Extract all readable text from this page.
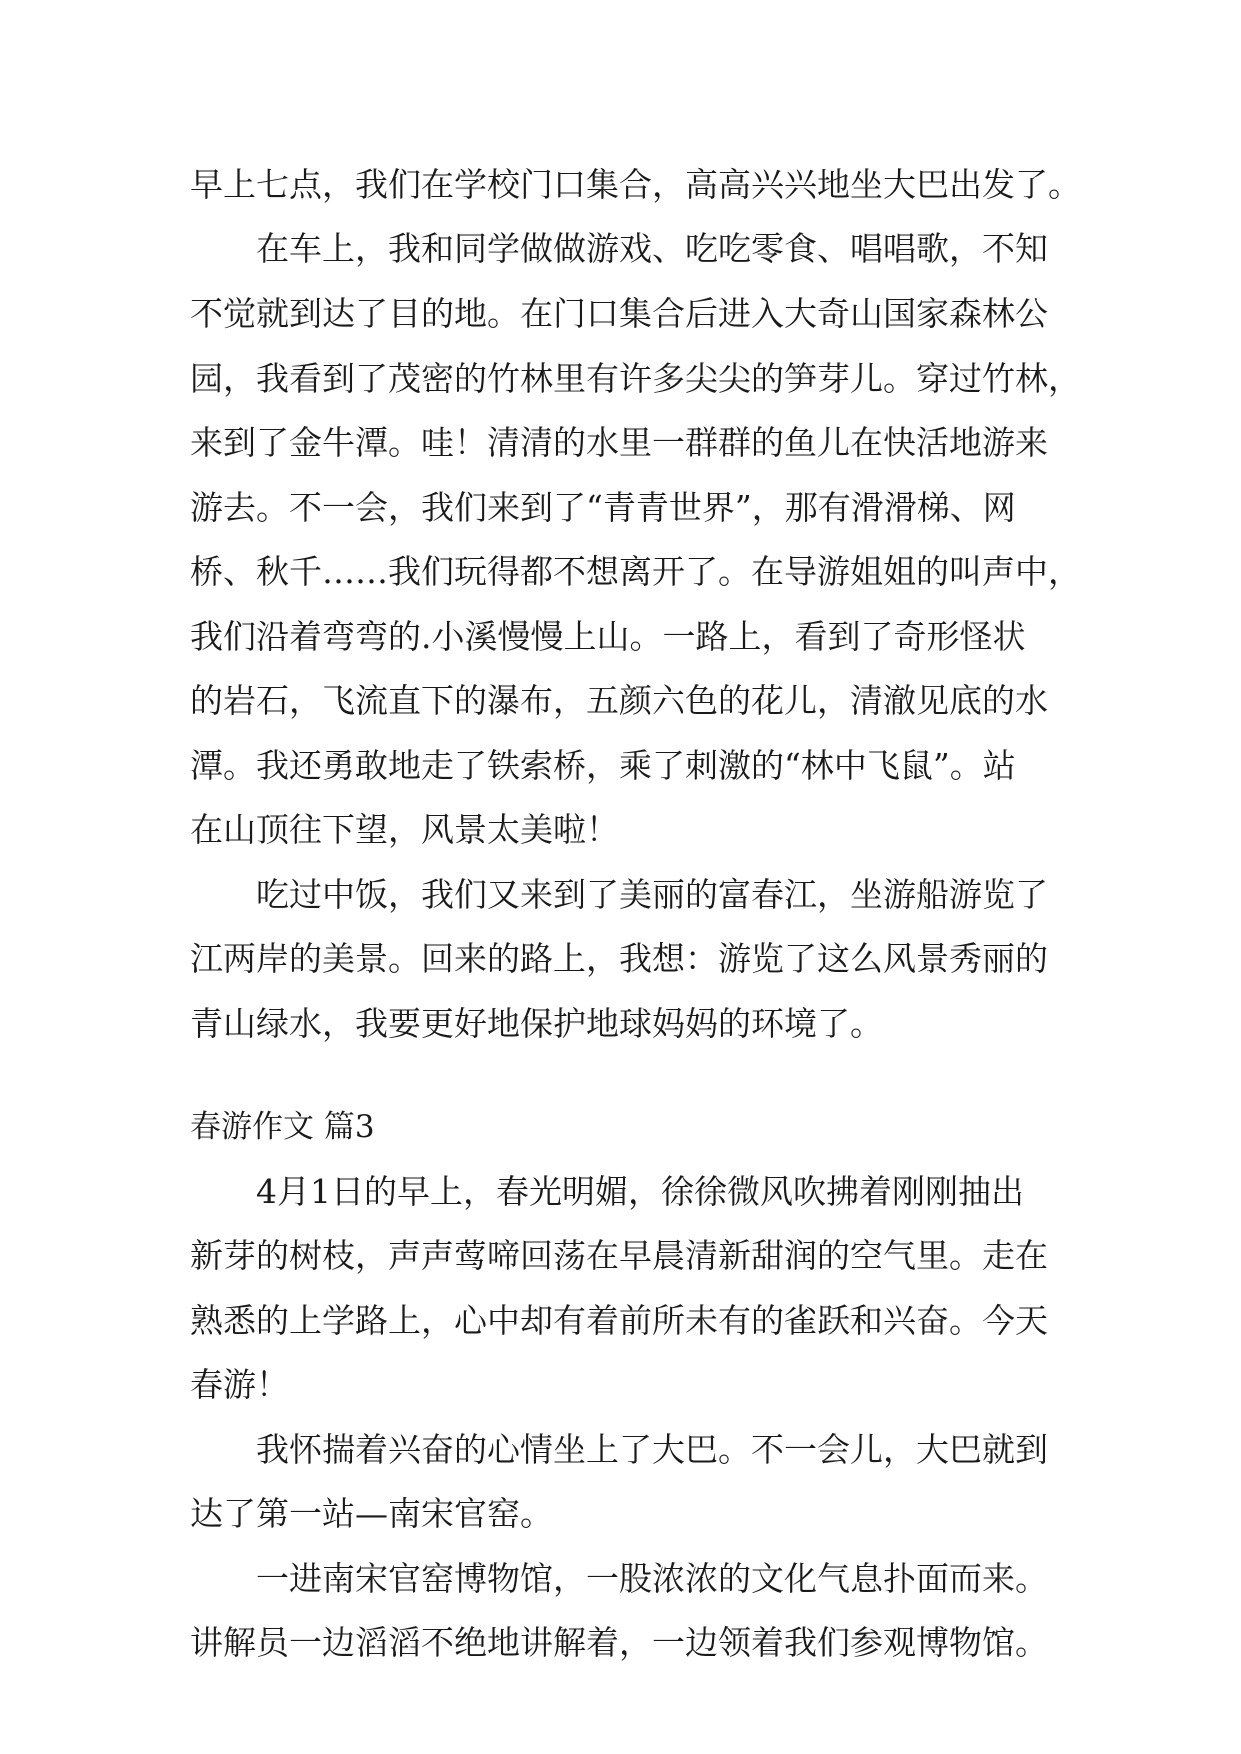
早上七点，我们在学校门口集合，高高兴兴地坐大巴出发了。
在车上，我和同学做做游戏、吃吃零食、唱唱歌，不知
不觉就到达了目的地。在门口集合后进入大奇山国家森林公
园，我看到了茂密的竹林里有许多尖尖的笋芽儿。穿过竹林，
来到了金牛潭。哇！清清的水里一群群的鱼儿在快活地游来
游去。不一会，我们来到了“青青世界”，那有滑滑梯、网
桥、秋千……我们玩得都不想离开了。在导游姐姐的叫声中，
我们沿着弯弯的.小溪慢慢上山。一路上，看到了奇形怪状
的岩石，飞流直下的瀑布，五颜六色的花儿，清澈见底的水
潭。我还勇敢地走了铁索桥，乘了刺激的“林中飞鼠”。站
在山顶往下望，风景太美啦！
吃过中饭，我们又来到了美丽的富春江，坐游船游览了
江两岸的美景。回来的路上，我想：游览了这么风景秀丽的
青山绿水，我要更好地保护地球妈妈的环境了。
春游作文 篇3
4月1日的早上，春光明媚，徐徐微风吹拂着刚刚抽出
新芽的树枝，声声莺啼回荡在早晨清新甜润的空气里。走在
熟悉的上学路上，心中却有着前所未有的雀跃和兴奋。今天
春游！
我怀揣着兴奋的心情坐上了大巴。不一会儿，大巴就到
达了第一站—南宋官窑。
一进南宋官窑博物馆，一股浓浓的文化气息扑面而来。
讲解员一边滔滔不绝地讲解着，一边领着我们参观博物馆。
